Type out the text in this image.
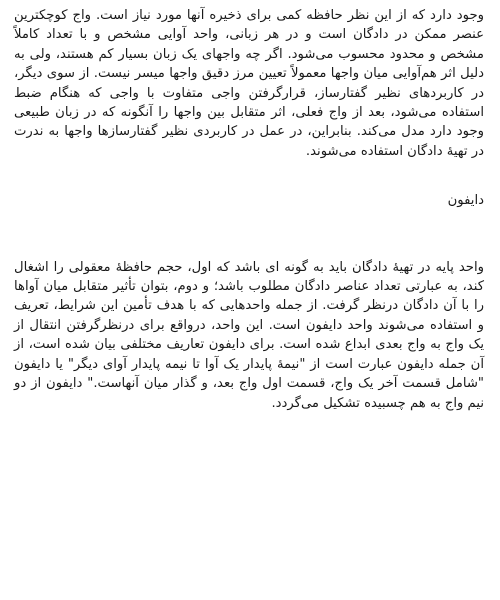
وجود دارد که از این نظر حافظه کمی برای ذخیره آنها مورد نیاز است. واج کوچکترین عنصر ممکن در دادگان است و در هر زبانی، واحد آوایی مشخص و با تعداد کاملاً مشخص و محدود محسوب می‌شود. اگر چه واجهای یک زبان بسیار کم هستند، ولی به دلیل اثر هم‌آوایی میان واجها معمولاً تعیین مرز دقیق واجها میسر نیست. از سوی دیگر، در کاربردهای نظیر گفتارساز، قرارگرفتن واجی متفاوت با واجی که هنگام ضبط استفاده می‌شود، بعد از واج فعلی، اثر متقابل بین واجها را آنگونه که در زبان طبیعی وجود دارد مدل می‌کند. بنابراین، در عمل در کاربردی نظیر گفتارسازها واجها به ندرت در تهیهٔ دادگان استفاده می‌شوند.

دایفون

واحد پایه در تهیهٔ دادگان باید به گونه ای باشد که اول، حجم حافظهٔ معقولی را اشغال کند، به عبارتی تعداد عناصر دادگان مطلوب باشد؛ و دوم، بتوان تأثیر متقابل میان آواها را با آن دادگان درنظر گرفت. از جمله واحدهایی که با هدف تأمین این شرایط، تعریف و استفاده می‌شوند واحد دایفون است. این واحد، درواقع برای درنظرگرفتن انتقال از یک واج به واج بعدی ابداع شده است. برای دایفون تعاریف مختلفی بیان شده است، از آن جمله دایفون عبارت است از "نیمهٔ پایدار یک آوا تا نیمه پایدار آوای دیگر" یا دایفون "شامل قسمت آخر یک واج، قسمت اول واج بعد، و گذار میان آنهاست." دایفون از دو نیم واج به هم چسبیده تشکیل می‌گردد.
